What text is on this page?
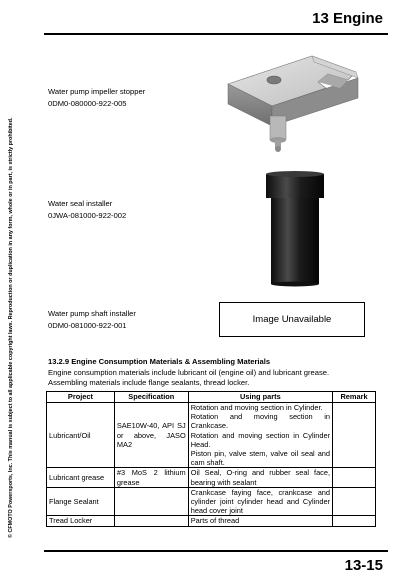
13 Engine
© CFMOTO Powersports, Inc. This manual is subject to all applicable copyright laws. Reproduction or duplication in any form, whole or in part, is strictly prohibited.
Water pump impeller stopper
0DM0-080000-922-005
Water seal installer
0JWA-081000-922-002
Water pump shaft installer
0DM0-081000-922-001	Image Unavailable
13.2.9 Engine Consumption Materials & Assembling Materials
Engine consumption materials include lubricant oil (engine oil) and lubricant grease.
Assembling materials include flange sealants, thread locker.
Project	Specification	Using parts	Remark
Lubricant/Oil	SAE10W-40, API SJ or above, JASO MA2	Rotation and moving section in Cylinder.
Rotation and moving section in Crankcase.
Rotation and moving section in Cylinder Head.
Piston pin, valve stem, valve oil seal and cam shaft.	

Lubricant grease	#3 MoS 2 lithium grease	Oil Seal, O-ring and rubber seal face, bearing with sealant	

Flange Sealant		Crankcase faying face, crankcase and cylinder joint cylinder head and Cylinder head cover joint	

Tread Locker		Parts of thread	

13-15
